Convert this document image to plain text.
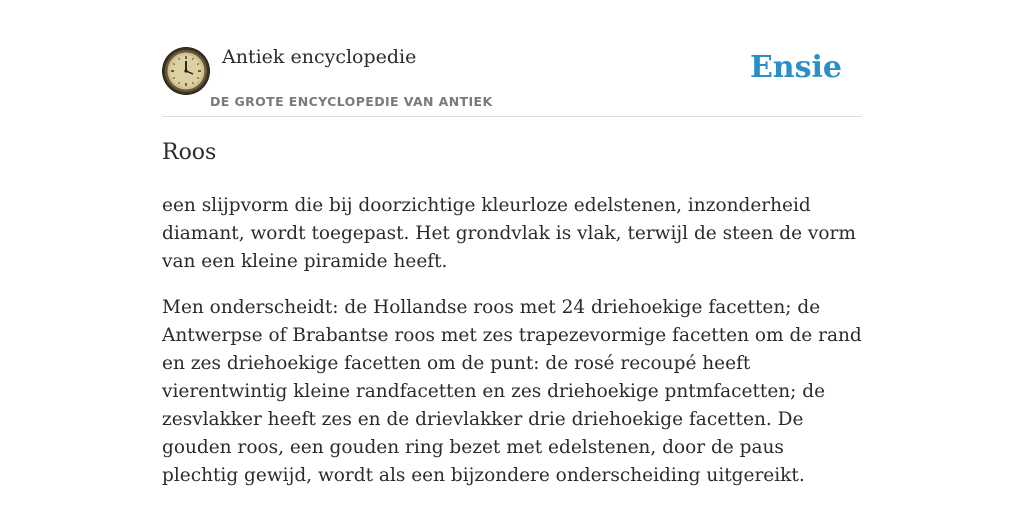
Antiek encyclopedie
DE GROTE ENCYCLOPEDIE VAN ANTIEK
Ensie
Roos

een slijpvorm die bij doorzichtige kleurloze edelstenen, inzonderheid diamant, wordt toegepast. Het grondvlak is vlak, terwijl de steen de vorm van een kleine piramide heeft.

Men onderscheidt: de Hollandse roos met 24 driehoekige facetten; de Antwerpse of Brabantse roos met zes trapezevormige facetten om de rand en zes driehoekige facetten om de punt: de rosé recoupé heeft vierentwintig kleine randfacetten en zes driehoekige pntmfacetten; de zesvlakker heeft zes en de drievlakker drie driehoekige facetten. De gouden roos, een gouden ring bezet met edelstenen, door de paus plechtig gewijd, wordt als een bijzondere onderscheiding uitgereikt.
